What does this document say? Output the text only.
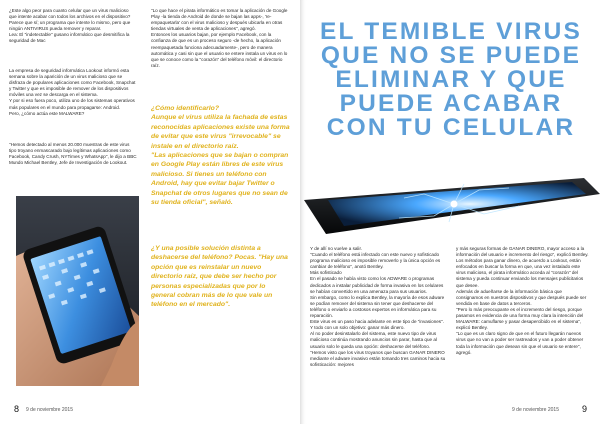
¿Este algo peor para cuanto celular que un virus malicioso que intente acabar con todos los archivos en el dispositivo?
Parece que sí; un programa que intente lo mismo, pero que ningún ANTIVIRUS pueda remover y reparar.
Lea: El "indetectable" gusano informático que desmitifica la seguridad de Mac
La empresa de seguridad informática Lookout informó esta semana sobre la aparición de un virus malicioso que se disfraza de populares aplicaciones como Facebook, Snapchat y Twitter y que es imposible de remover de los dispositivos móviles una vez se descarga en el sistema.
Y por si eso fuera poco, utiliza uno de los sistemas operativos más populares en el mundo para propagarse: Android.
Pero, ¿cómo actúa este MALWARE?
"Hemos detectado al menos 20.000 muestras de este virus tipo troyano enmascarado bajo legítimas aplicaciones como Facebook, Candy Crush, NYTimes y WhatsApp", le dijo a BBC Mundo Michael Bentley, Jefe de Investigación de Lookout.
"Lo que hace el pirata informático es tomar la aplicación de Google Play -la tienda de Android de donde se bajan las apps-, 're-empaquetarla' con el virus malicioso y después ubicarla en otras tiendas virtuales de venta de aplicaciones", agregó.
Entonces los usuarios bajan, por ejemplo Facebook, con la confianza de que es un proceso seguro -de hecho, la aplicación reempaquetada funciona adecuadamente-, pero de manera automática y casi sin que el usuario se entere instala un virus en lo que se conoce como la "corazón" del teléfono móvil: el directorio raíz.
¿Cómo identificarlo?
Aunque el virus utiliza la fachada de estas reconocidas aplicaciones existe una forma de evitar que este virus "irrevocable" se instale en el directorio raíz.
"Las aplicaciones que se bajan o compran en Google Play están libres de este virus malicioso. Si tienes un teléfono con Android, hay que evitar bajar Twitter o Snapchat de otros lugares que no sean de su tienda oficial", señaló.
¿Y una posible solución distinta a deshacerse del teléfono? Pocas. "Hay una opción que es reinstalar un nuevo directorio raíz, que debe ser hecho por personas especializadas que por lo general cobran más de lo que vale un teléfono en el mercado".
8 9 de noviembre 2015
EL TEMIBLE VIRUS QUE NO SE PUEDE ELIMINAR Y QUE PUEDE ACABAR CON TU CELULAR
Y de allí no vuelve a salir.
"Cuando el teléfono está infectado con este nuevo y sofisticado programa malicioso es imposible removerlo y la única opción es cambiar de teléfono", anotó Bentley.
Más sofisticado
En el pasado se había visto como los ADWARE o programas dedicados a instalar publicidad de forma invasiva en los celulares se habían convertido en una amenaza para sus usuarios.
Sin embargo, como lo explica Bentley, la mayoría de esos adware se podían remover del sistema sin tener que deshacerse del teléfono o enviarlo a costosos expertos en informática para su reparación.
Este virus es un paso hacia adelante en este tipo de "invasiones".
Y todo con un solo objetivo: ganar más dinero.
Al no poder desinstalarlo del sistema, este nuevo tipo de virus malicioso continúa mostrando anuncios sin parar, hasta que al usuario solo le queda una opción: deshacerse del teléfono.
"Hemos visto que los virus troyanos que buscan GANAR DINERO mediante el adware invasivo están tomando tres caminos hacia su sofisticación: mejores
y más seguras formas de GANAR DINERO, mayor acceso a la información del usuario e incremento del riesgo", explicó Bentley.
Los métodos para ganar dinero, de acuerdo a Lookout, están enfocados en buscar la forma en que, una vez instalado este virus malicioso, el pirata informático acceda al "corazón" del sistema y pueda continuar enviando los mensajes publicitarios que desee.
Además de adueñarse de la información básica que consignamos en nuestros dispositivos y que después puede ser vendida en base de datos a terceros.
"Pero lo más preocupante es el incremento del riesgo, porque pasamos en evidencia de una forma muy clara la intención del MALWARE: camuflarse y pasar desapercibido en el sistema", explicó Bentley.
"Lo que es un claro signo de que en el futuro llegarán nuevos virus que no van a poder ser rastreados y van a poder obtener toda la información que desean sin que el usuario se entere", agregó.
9 de noviembre 2015	9
